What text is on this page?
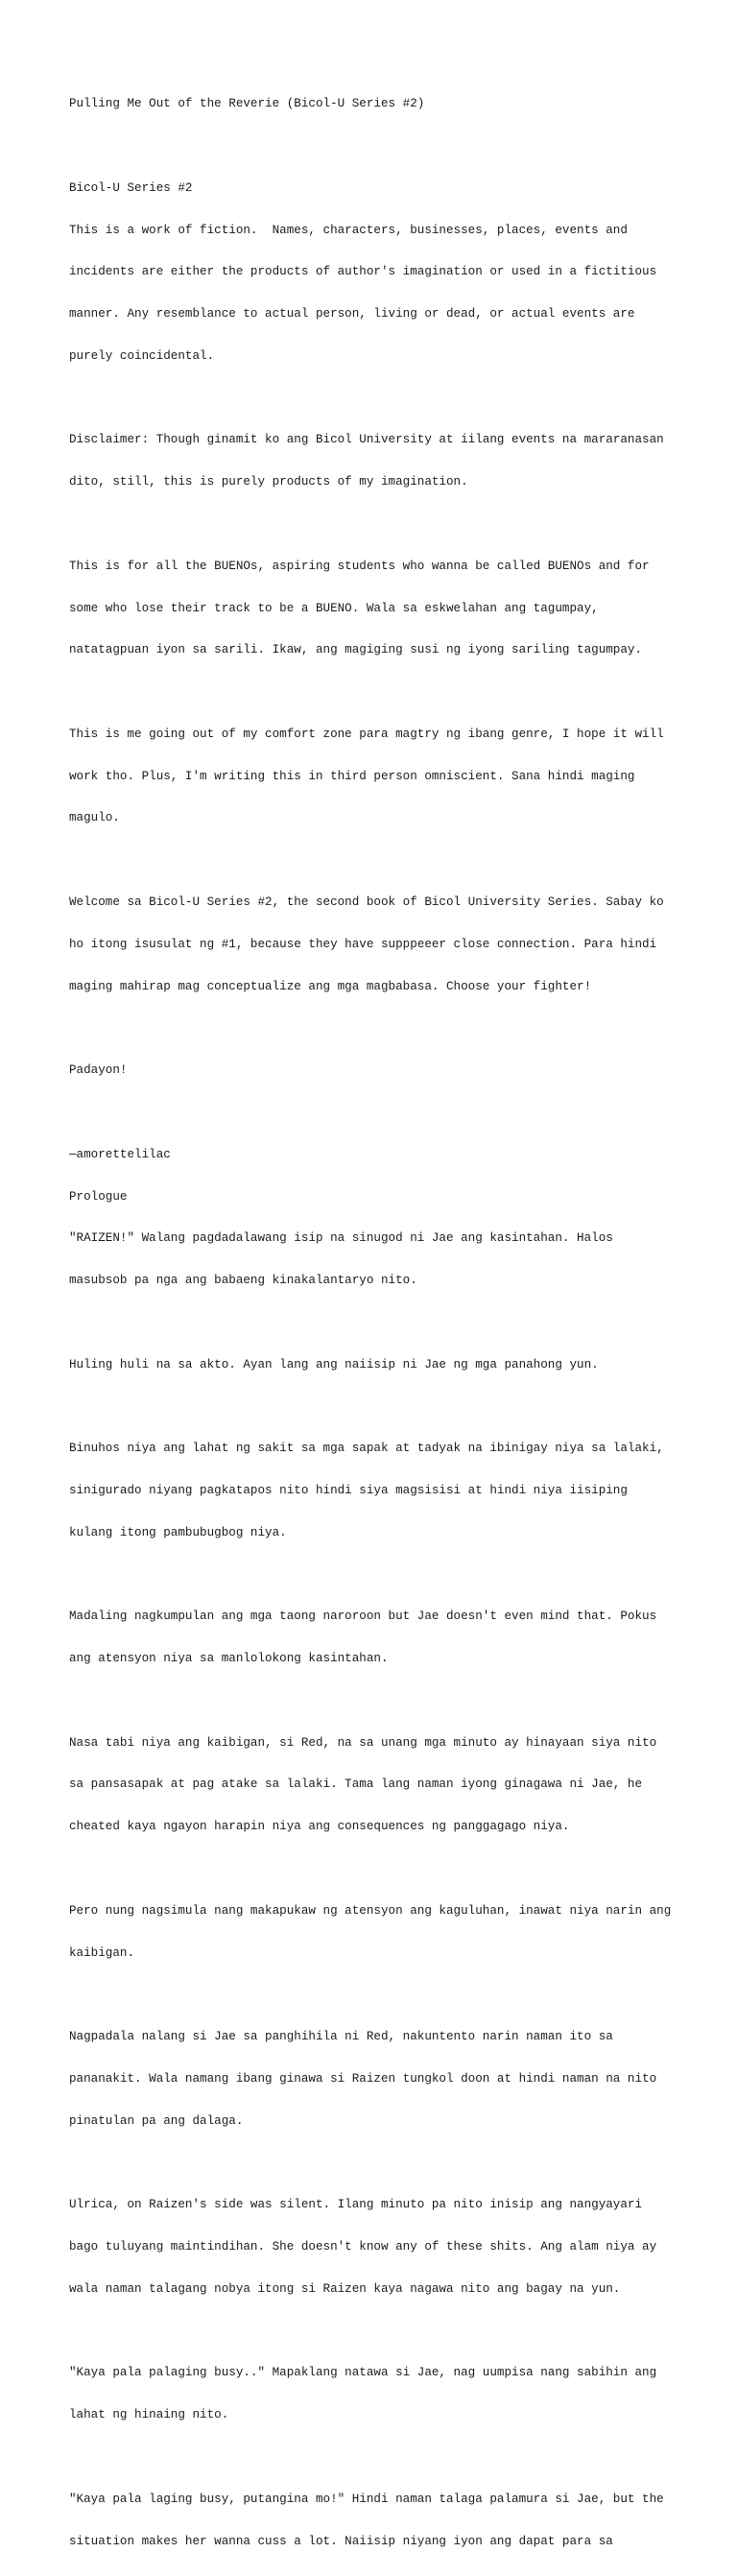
Pulling Me Out of the Reverie (Bicol-U Series #2)

Bicol-U Series #2

This is a work of fiction.  Names, characters, businesses, places, events and

incidents are either the products of author's imagination or used in a fictitious

manner. Any resemblance to actual person, living or dead, or actual events are

purely coincidental.

Disclaimer: Though ginamit ko ang Bicol University at iilang events na mararanasan

dito, still, this is purely products of my imagination.

This is for all the BUENOs, aspiring students who wanna be called BUENOs and for

some who lose their track to be a BUENO. Wala sa eskwelahan ang tagumpay,

natatagpuan iyon sa sarili. Ikaw, ang magiging susi ng iyong sariling tagumpay.

This is me going out of my comfort zone para magtry ng ibang genre, I hope it will

work tho. Plus, I'm writing this in third person omniscient. Sana hindi maging

magulo.

Welcome sa Bicol-U Series #2, the second book of Bicol University Series. Sabay ko

ho itong isusulat ng #1, because they have supppeeer close connection. Para hindi

maging mahirap mag conceptualize ang mga magbabasa. Choose your fighter!

Padayon!

—amorettelilac

Prologue

"RAIZEN!" Walang pagdadalawang isip na sinugod ni Jae ang kasintahan. Halos

masubsob pa nga ang babaeng kinakalantaryo nito.

Huling huli na sa akto. Ayan lang ang naiisip ni Jae ng mga panahong yun.

Binuhos niya ang lahat ng sakit sa mga sapak at tadyak na ibinigay niya sa lalaki,

sinigurado niyang pagkatapos nito hindi siya magsisisi at hindi niya iisiping

kulang itong pambubugbog niya.

Madaling nagkumpulan ang mga taong naroroon but Jae doesn't even mind that. Pokus

ang atensyon niya sa manlolokong kasintahan.

Nasa tabi niya ang kaibigan, si Red, na sa unang mga minuto ay hinayaan siya nito

sa pansasapak at pag atake sa lalaki. Tama lang naman iyong ginagawa ni Jae, he

cheated kaya ngayon harapin niya ang consequences ng panggagago niya.

Pero nung nagsimula nang makapukaw ng atensyon ang kaguluhan, inawat niya narin ang

kaibigan.

Nagpadala nalang si Jae sa panghihila ni Red, nakuntento narin naman ito sa

pananakit. Wala namang ibang ginawa si Raizen tungkol doon at hindi naman na nito

pinatulan pa ang dalaga.

Ulrica, on Raizen's side was silent. Ilang minuto pa nito inisip ang nangyayari

bago tuluyang maintindihan. She doesn't know any of these shits. Ang alam niya ay

wala naman talagang nobya itong si Raizen kaya nagawa nito ang bagay na yun.

"Kaya pala palaging busy.." Mapaklang natawa si Jae, nag uumpisa nang sabihin ang

lahat ng hinaing nito.

"Kaya pala laging busy, putangina mo!" Hindi naman talaga palamura si Jae, but the

situation makes her wanna cuss a lot. Naiisip niyang iyon ang dapat para sa
